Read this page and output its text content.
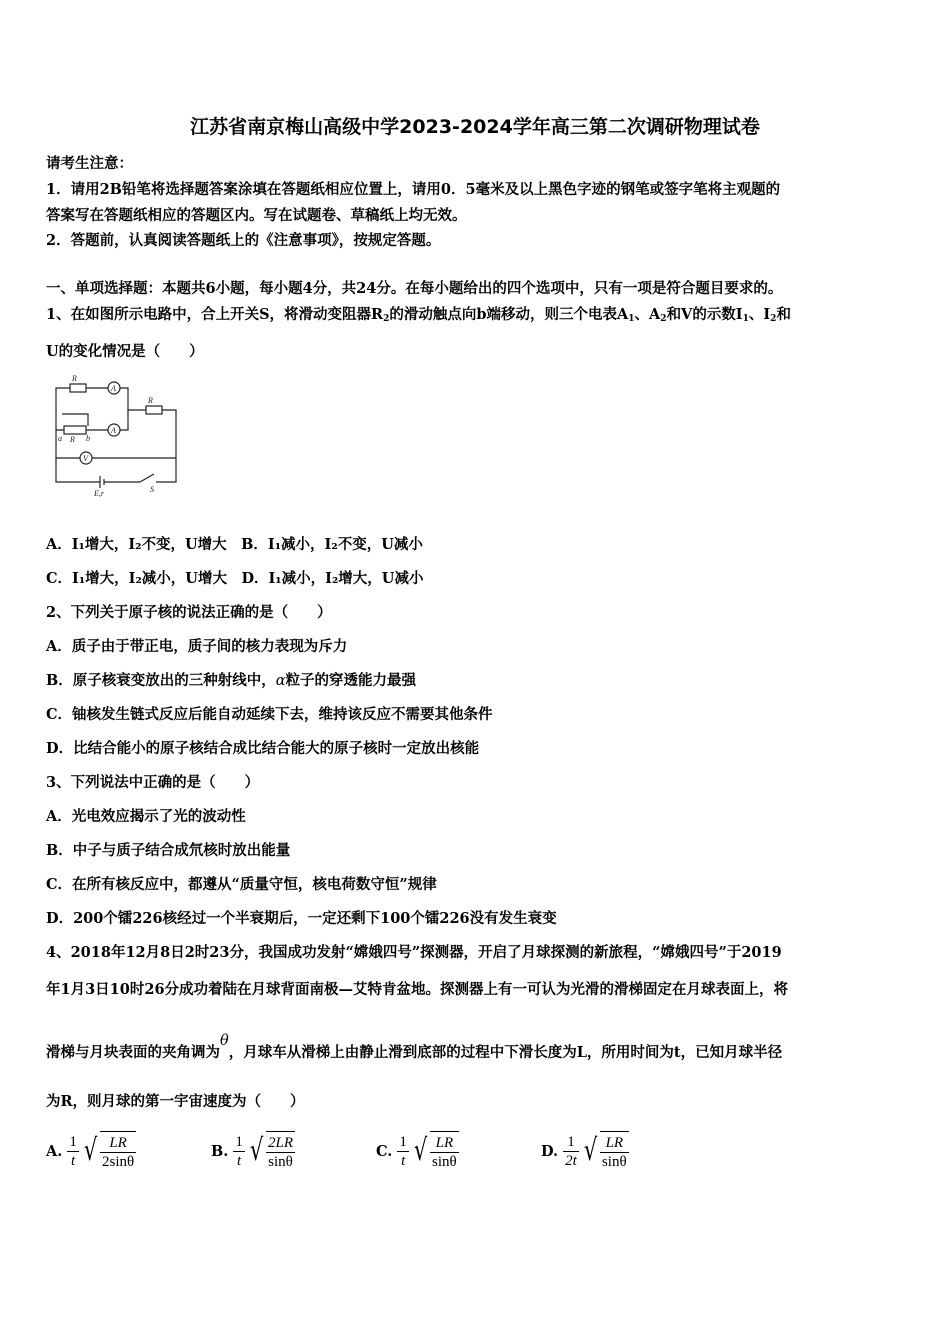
江苏省南京梅山高级中学2023-2024学年高三第二次调研物理试卷
请考生注意：
1．请用2B铅笔将选择题答案涂填在答题纸相应位置上，请用0．5毫米及以上黑色字迹的钢笔或签字笔将主观题的
答案写在答题纸相应的答题区内。写在试题卷、草稿纸上均无效。
2．答题前，认真阅读答题纸上的《注意事项》，按规定答题。
一、单项选择题：本题共6小题，每小题4分，共24分。在每小题给出的四个选项中，只有一项是符合题目要求的。
1、在如图所示电路中，合上开关S，将滑动变阻器$R_2$的滑动触点向b端移动，则三个电表$A_1$、$A_2$和V的示数$I_1$、$I_2$和
U的变化情况是（　　）
R
R
a R b
E,r	S
A
A
V
A．I₁增大，I₂不变，U增大　 B．I₁减小，I₂不变，U减小
C．I₁增大，I₂减小，U增大　 D．I₁减小，I₂增大，U减小
2、下列关于原子核的说法正确的是（　　）
A．质子由于带正电，质子间的核力表现为斥力
B．原子核衰变放出的三种射线中，α粒子的穿透能力最强
C．铀核发生链式反应后能自动延续下去，维持该反应不需要其他条件
D．比结合能小的原子核结合成比结合能大的原子核时一定放出核能
3、下列说法中正确的是（　　）
A．光电效应揭示了光的波动性
B．中子与质子结合成氘核时放出能量
C．在所有核反应中，都遵从“质量守恒，核电荷数守恒”规律
D．200个镭226核经过一个半衰期后，一定还剩下100个镭226没有发生衰变
4、2018年12月8日2时23分，我国成功发射“嫦娥四号”探测器，开启了月球探测的新旅程，“嫦娥四号”于2019
年1月3日10时26分成功着陆在月球背面南极—艾特肯盆地。探测器上有一可认为光滑的滑梯固定在月球表面上，将
滑梯与月块表面的夹角调为θ，月球车从滑梯上由静止滑到底部的过程中下滑长度为L，所用时间为t，已知月球半径
为R，则月球的第一宇宙速度为（　　）
A.
$\frac{1}{t}$ √ $\frac{LR}{2\sin\theta}$	B.
$\frac{1}{t}$ √ $\frac{2LR}{\sin\theta}$	C.
$\frac{1}{t}$ √ $\frac{LR}{\sin\theta}$	D.
$\frac{1}{2t}$ √ $\frac{LR}{\sin\theta}$
